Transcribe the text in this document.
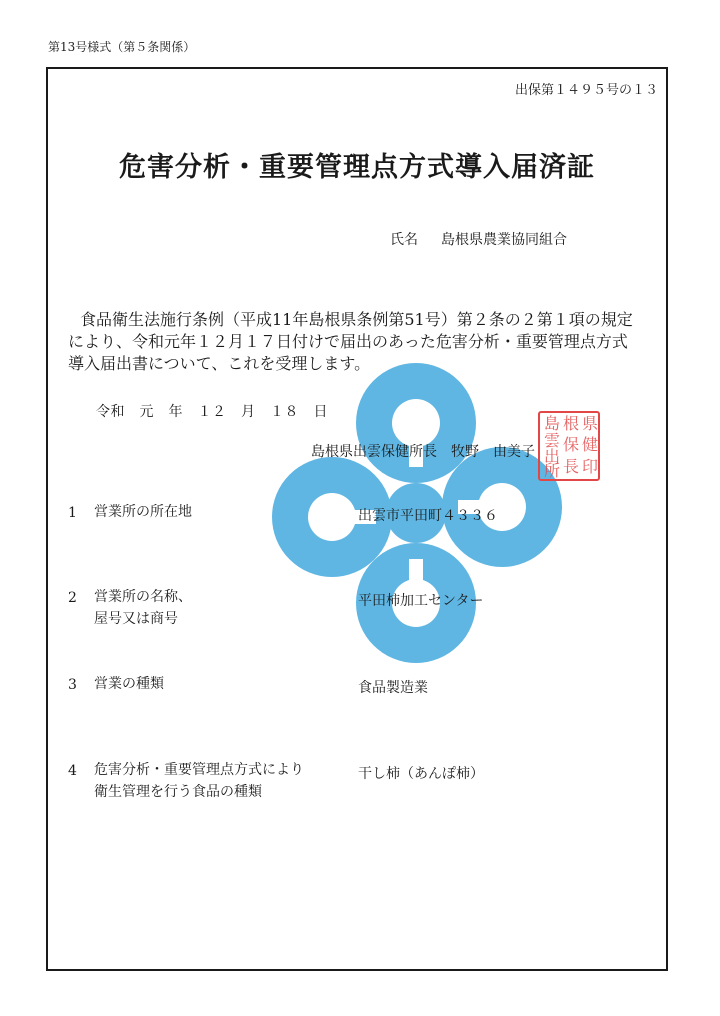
第13号様式（第５条関係）
出保第１４９５号の１３
危害分析・重要管理点方式導入届済証
氏名 島根県農業協同組合
食品衛生法施行条例（平成11年島根県条例第51号）第２条の２第１項の規定
により、令和元年１２月１７日付けで届出のあった危害分析・重要管理点方式
導入届出書について、これを受理します。
令和　元　年　１２　月　１８　日
島根県出雲保健所長　牧野　由美子
県
健
印
根
保
長
島
雲
出
所
1 営業所の所在地	出雲市平田町４３３６
2 営業所の名称、
屋号又は商号
平田柿加工センター
3 営業の種類	食品製造業
4 危害分析・重要管理点方式により
衛生管理を行う食品の種類
干し柿（あんぽ柿）
